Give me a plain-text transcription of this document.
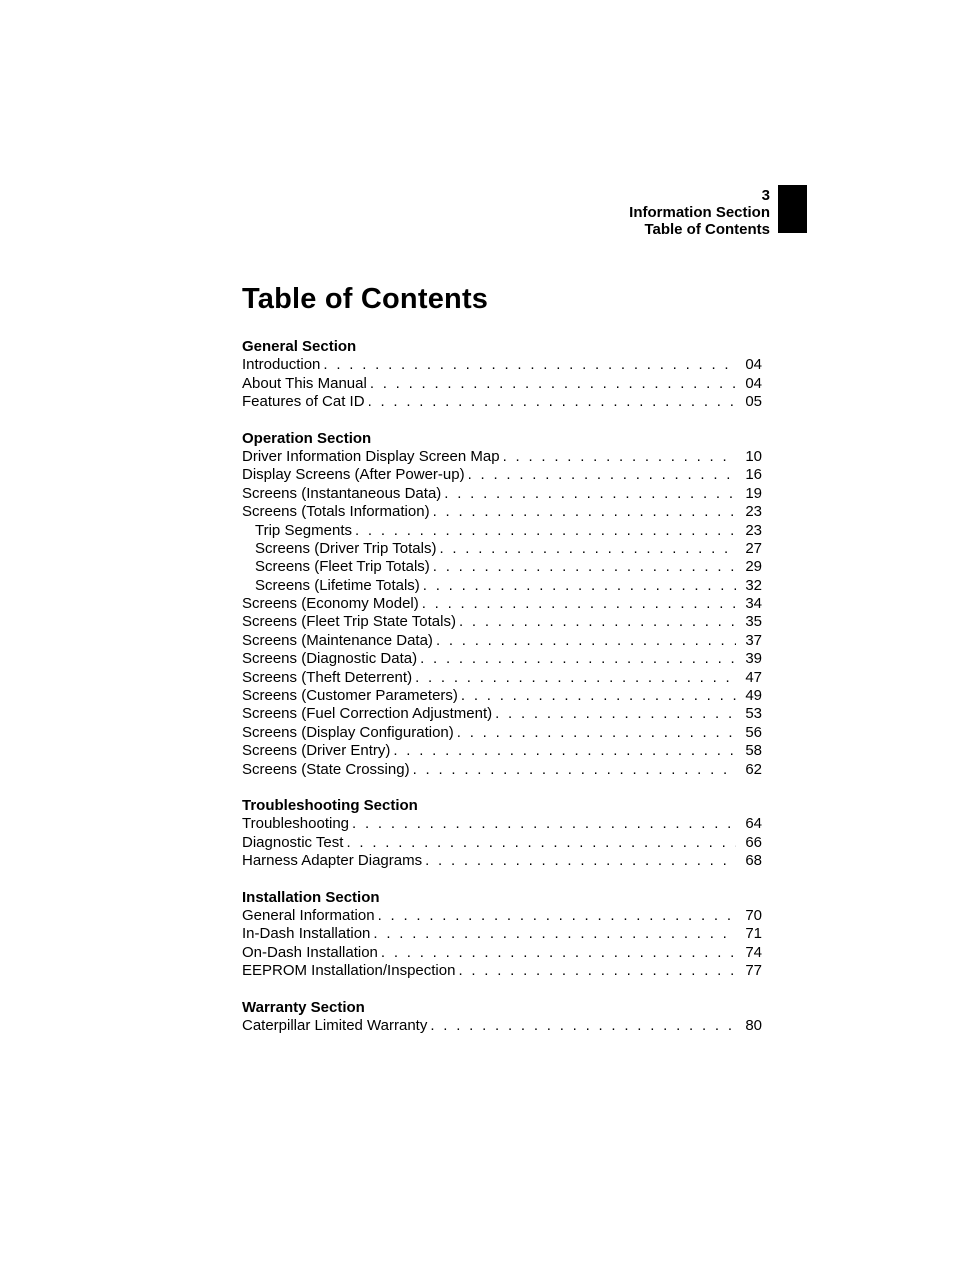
3
Information Section
Table of Contents
Table of Contents
General Section
Introduction . . .	04
About This Manual . . .	04
Features of Cat ID . . .	05
Operation Section
Driver Information Display Screen Map . . .	10
Display Screens (After Power-up) . . .	16
Screens (Instantaneous Data) . . .	19
Screens (Totals Information) . . .	23
Trip Segments . . .	23
Screens (Driver Trip Totals) . . .	27
Screens (Fleet Trip Totals) . . .	29
Screens (Lifetime Totals) . . .	32
Screens (Economy Model) . . .	34
Screens (Fleet Trip State Totals) . . .	35
Screens (Maintenance Data) . . .	37
Screens (Diagnostic Data) . . .	39
Screens (Theft Deterrent) . . .	47
Screens (Customer Parameters) . . .	49
Screens (Fuel Correction Adjustment) . . .	53
Screens (Display Configuration) . . .	56
Screens (Driver Entry) . . .	58
Screens (State Crossing) . . .	62
Troubleshooting Section
Troubleshooting . . .	64
Diagnostic Test . . .	66
Harness Adapter Diagrams . . .	68
Installation Section
General Information . . .	70
In-Dash Installation . . .	71
On-Dash Installation . . .	74
EEPROM Installation/Inspection . . .	77
Warranty Section
Caterpillar Limited Warranty . . .	80
